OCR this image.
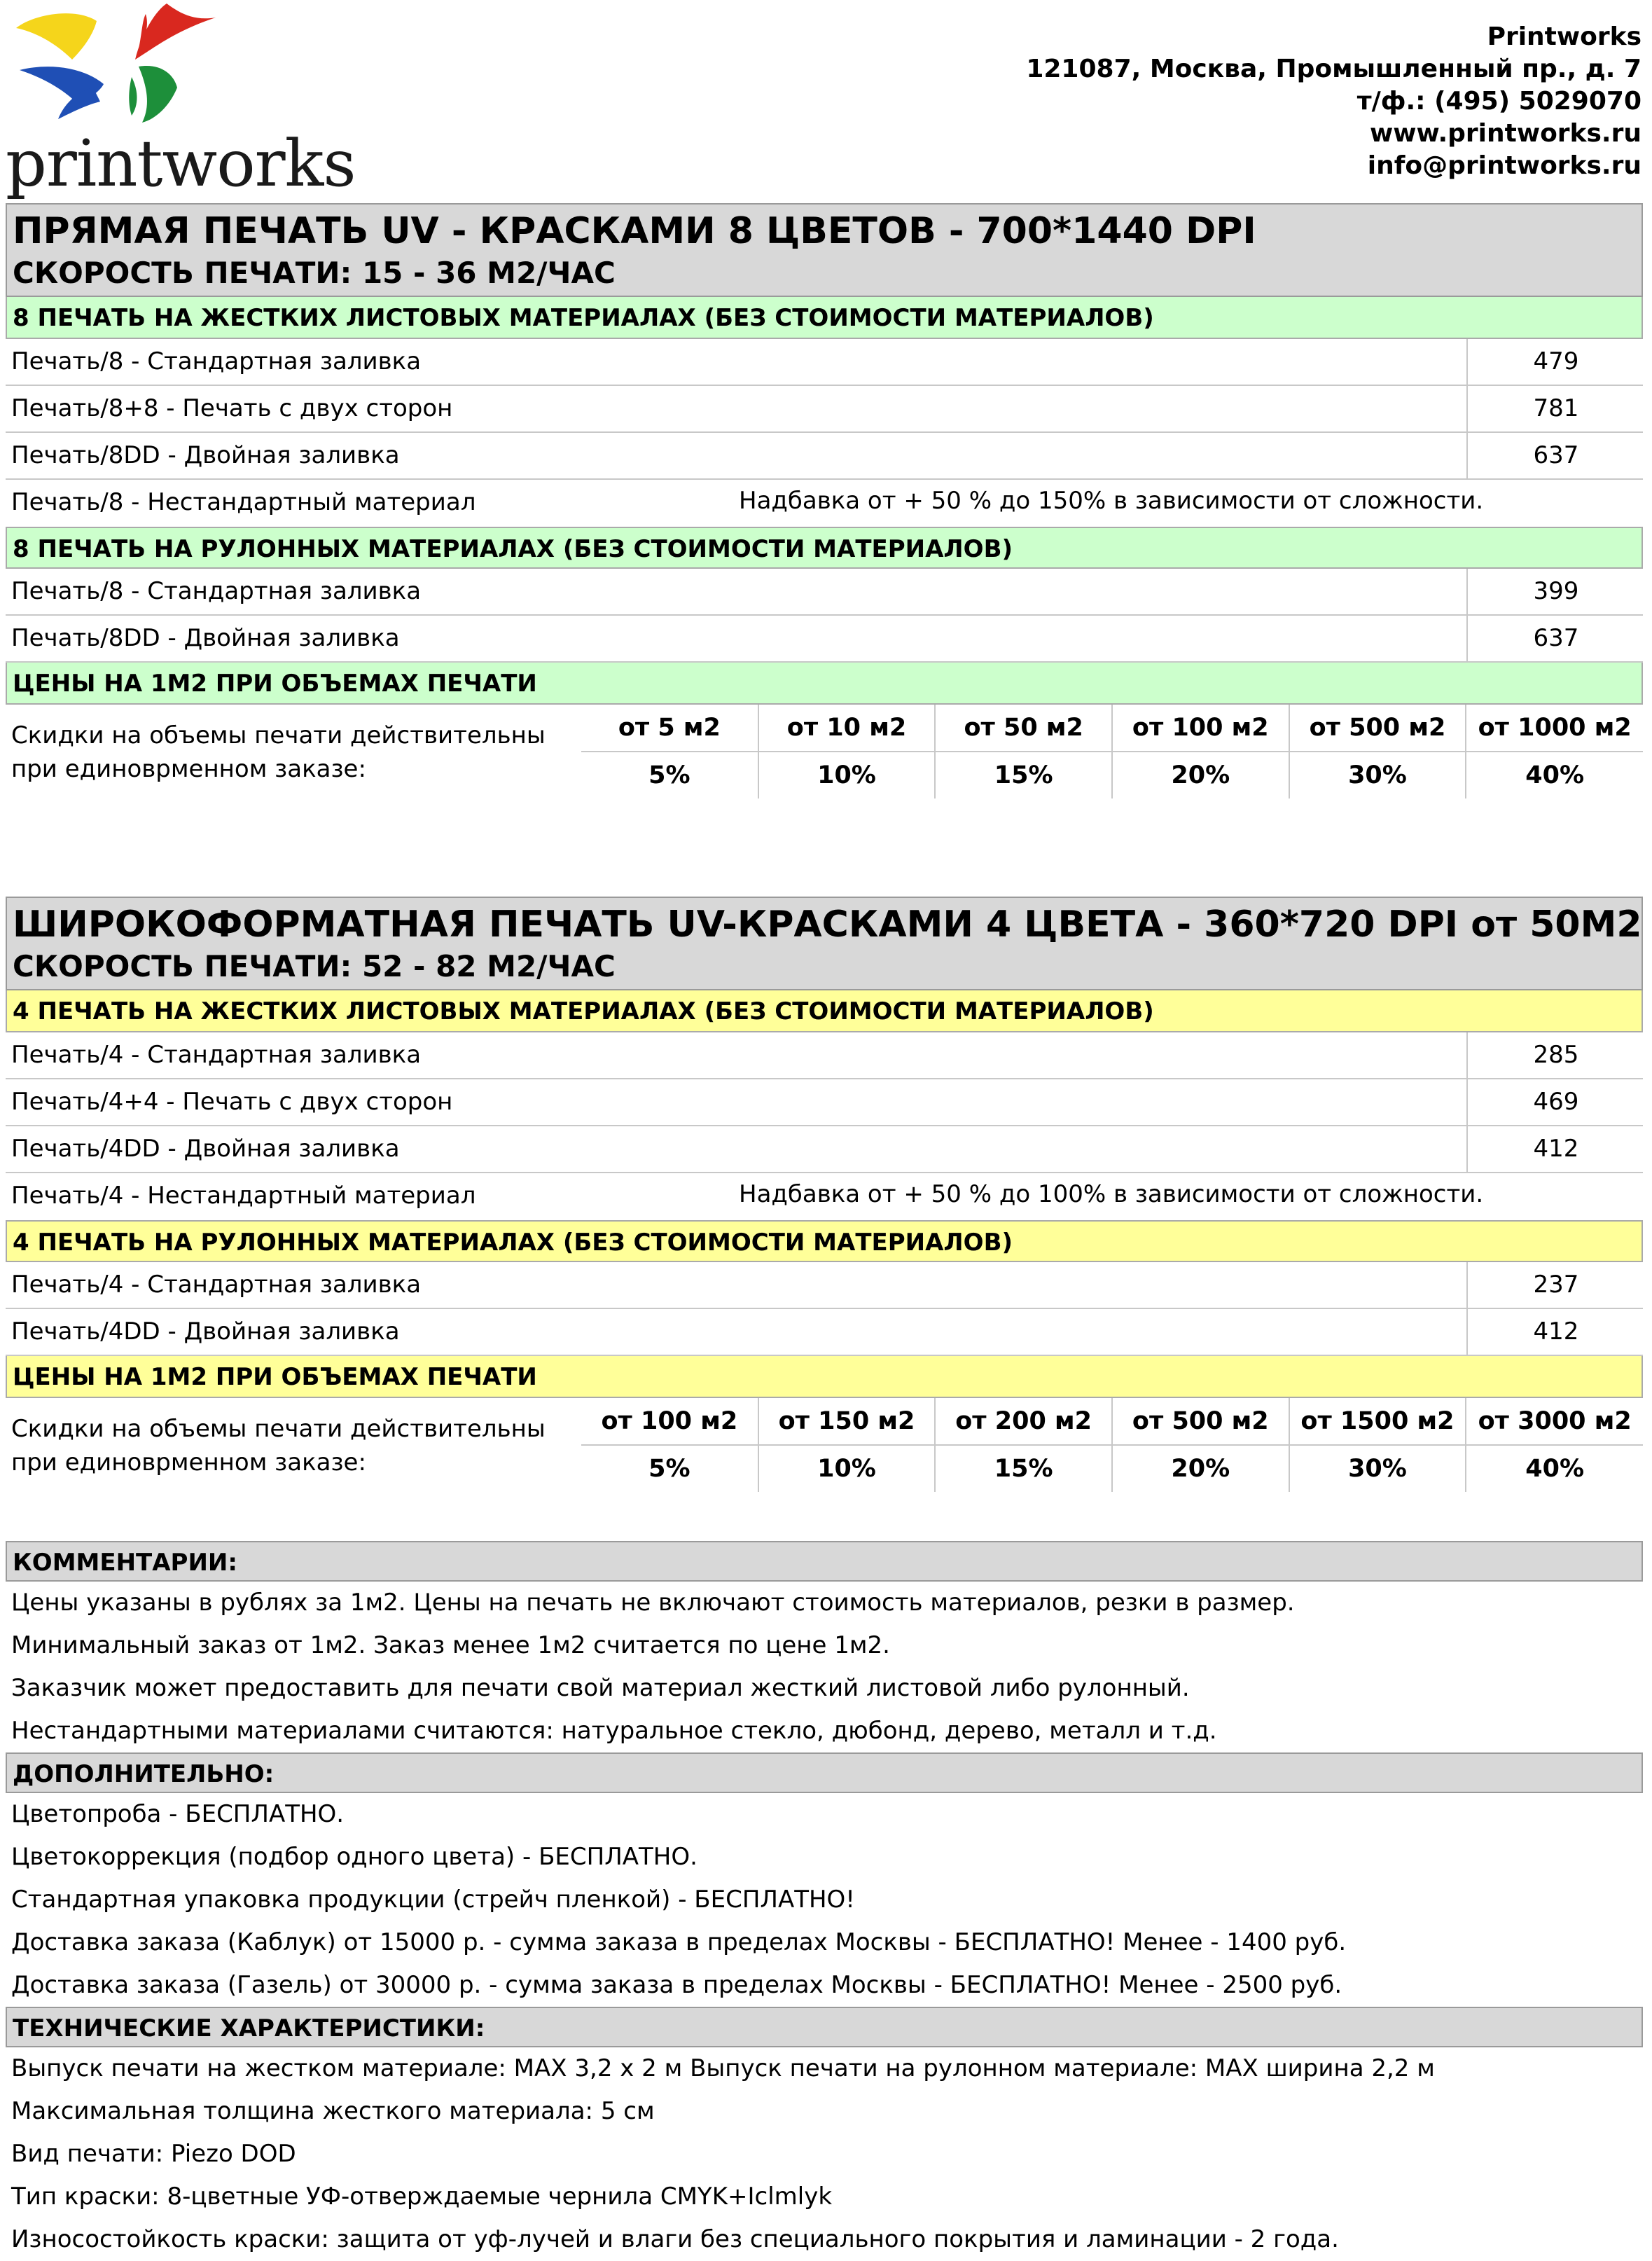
printworks
Printworks
121087, Москва, Промышленный пр., д. 7
т/ф.: (495) 5029070
www.printworks.ru
info@printworks.ru
ПРЯМАЯ ПЕЧАТЬ UV - КРАСКАМИ 8 ЦВЕТОВ - 700*1440 DPI
СКОРОСТЬ ПЕЧАТИ: 15 - 36 М2/ЧАС
8 ПЕЧАТЬ НА ЖЕСТКИХ ЛИСТОВЫХ МАТЕРИАЛАХ (БЕЗ СТОИМОСТИ МАТЕРИАЛОВ)
Печать/8 - Стандартная заливка	479
Печать/8+8 - Печать с двух сторон	781
Печать/8DD - Двойная заливка	637
Печать/8 - Нестандартный материал	Надбавка от + 50 % до 150% в зависимости от сложности.
8 ПЕЧАТЬ НА РУЛОННЫХ МАТЕРИАЛАХ (БЕЗ СТОИМОСТИ МАТЕРИАЛОВ)
Печать/8 - Стандартная заливка	399
Печать/8DD - Двойная заливка	637
ЦЕНЫ НА 1М2 ПРИ ОБЪЕМАХ ПЕЧАТИ
Скидки на объемы печати действительны
при единоврменном заказе:
от 5 м2	от 10 м2	от 50 м2	от 100 м2	от 500 м2	от 1000 м2
5%	10%	15%	20%	30%	40%
ШИРОКОФОРМАТНАЯ ПЕЧАТЬ UV-КРАСКАМИ 4 ЦВЕТА - 360*720 DPI от 50М2
СКОРОСТЬ ПЕЧАТИ: 52 - 82 М2/ЧАС
4 ПЕЧАТЬ НА ЖЕСТКИХ ЛИСТОВЫХ МАТЕРИАЛАХ (БЕЗ СТОИМОСТИ МАТЕРИАЛОВ)
Печать/4 - Стандартная заливка	285
Печать/4+4 - Печать с двух сторон	469
Печать/4DD - Двойная заливка	412
Печать/4 - Нестандартный материал	Надбавка от + 50 % до 100% в зависимости от сложности.
4 ПЕЧАТЬ НА РУЛОННЫХ МАТЕРИАЛАХ (БЕЗ СТОИМОСТИ МАТЕРИАЛОВ)
Печать/4 - Стандартная заливка	237
Печать/4DD - Двойная заливка	412
ЦЕНЫ НА 1М2 ПРИ ОБЪЕМАХ ПЕЧАТИ
Скидки на объемы печати действительны
при единоврменном заказе:
от 100 м2	от 150 м2	от 200 м2	от 500 м2	от 1500 м2	от 3000 м2
5%	10%	15%	20%	30%	40%
КОММЕНТАРИИ:
Цены указаны в рублях за 1м2. Цены на печать не включают стоимость материалов, резки в размер.
Минимальный заказ от 1м2. Заказ менее 1м2 считается по цене 1м2.
Заказчик может предоставить для печати свой материал жесткий листовой либо рулонный.
Нестандартными материалами считаются: натуральное стекло, дюбонд, дерево, металл и т.д.
ДОПОЛНИТЕЛЬНО:
Цветопроба - БЕСПЛАТНО.
Цветокоррекция (подбор одного цвета) - БЕСПЛАТНО.
Стандартная упаковка продукции (стрейч пленкой) - БЕСПЛАТНО!
Доставка заказа (Каблук) от 15000 р. - сумма заказа в пределах Москвы - БЕСПЛАТНО! Менее - 1400 руб.
Доставка заказа (Газель) от 30000 р. - сумма заказа в пределах Москвы - БЕСПЛАТНО! Менее - 2500 руб.
ТЕХНИЧЕСКИЕ ХАРАКТЕРИСТИКИ:
Выпуск печати на жестком материале: MAX 3,2 х 2 м Выпуск печати на рулонном материале: MAX ширина 2,2 м
Максимальная толщина жесткого материала: 5 см
Вид печати: Piezo DOD
Тип краски: 8-цветные УФ-отверждаемые чернила CMYK+Iclmlyk
Износостойкость краски: защита от уф-лучей и влаги без специального покрытия и ламинации - 2 года.
